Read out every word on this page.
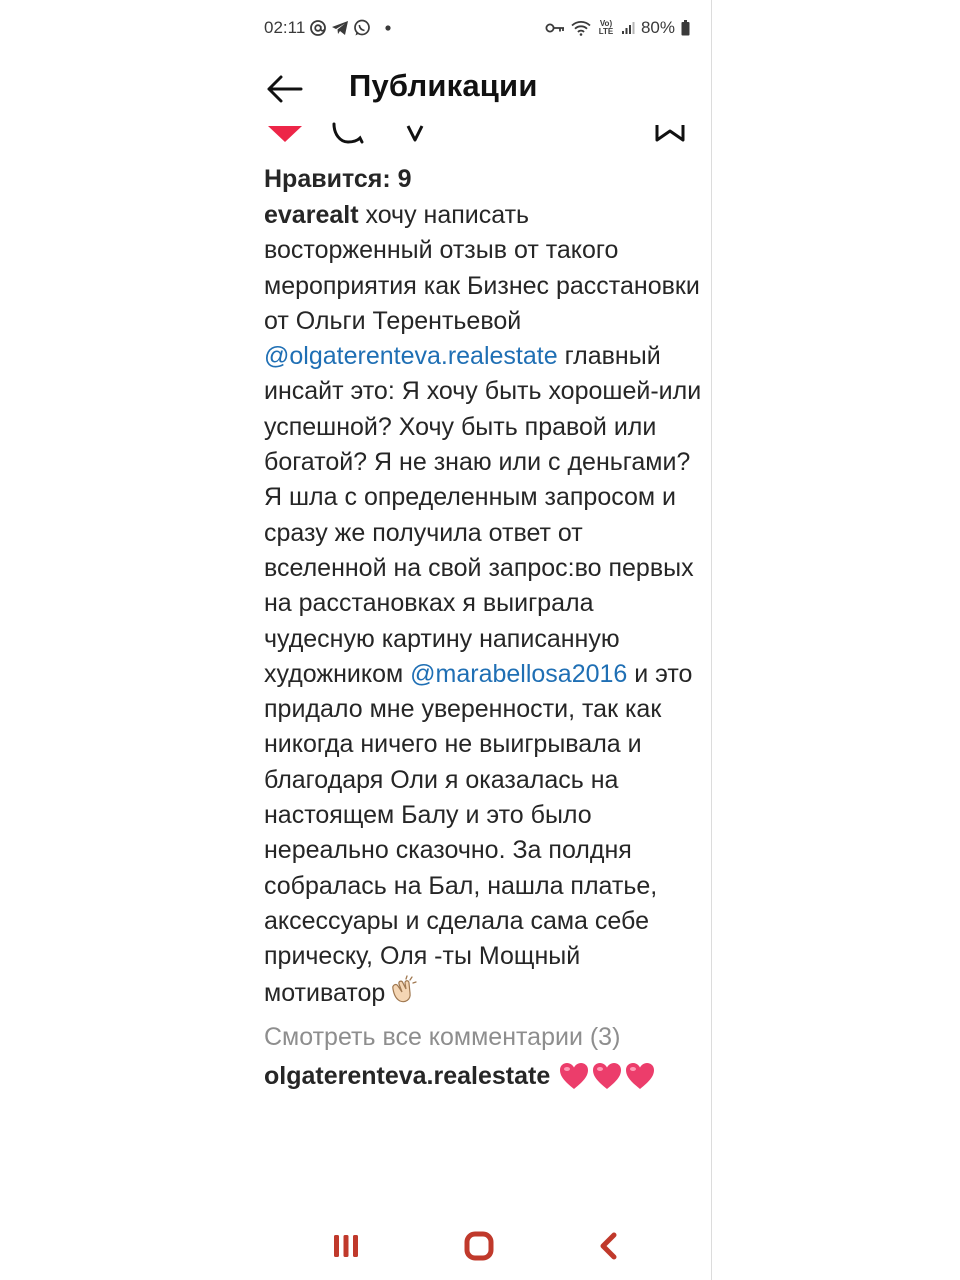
02:11	Vo) LTE 80%
Публикации
Нравится: 9

evarealt хочу написать восторженный отзыв от такого мероприятия как Бизнес расстановки от Ольги Терентьевой @olgaterenteva.realestate главный инсайт это: Я хочу быть хорошей-или успешной? Хочу быть правой или богатой? Я не знаю или с деньгами? Я шла с определенным запросом и сразу же получила ответ от вселенной на свой запрос:во первых на расстановках я выиграла чудесную картину написанную художником @marabellosa2016 и это придало мне уверенности, так как никогда ничего не выигрывала и благодаря Оли я оказалась на настоящем Балу и это было нереально сказочно. За полдня собралась на Бал, нашла платье, аксессуары и сделала сама себе прическу, Оля -ты Мощный мотиватор

Смотреть все комментарии (3)
olgaterenteva.realestate
